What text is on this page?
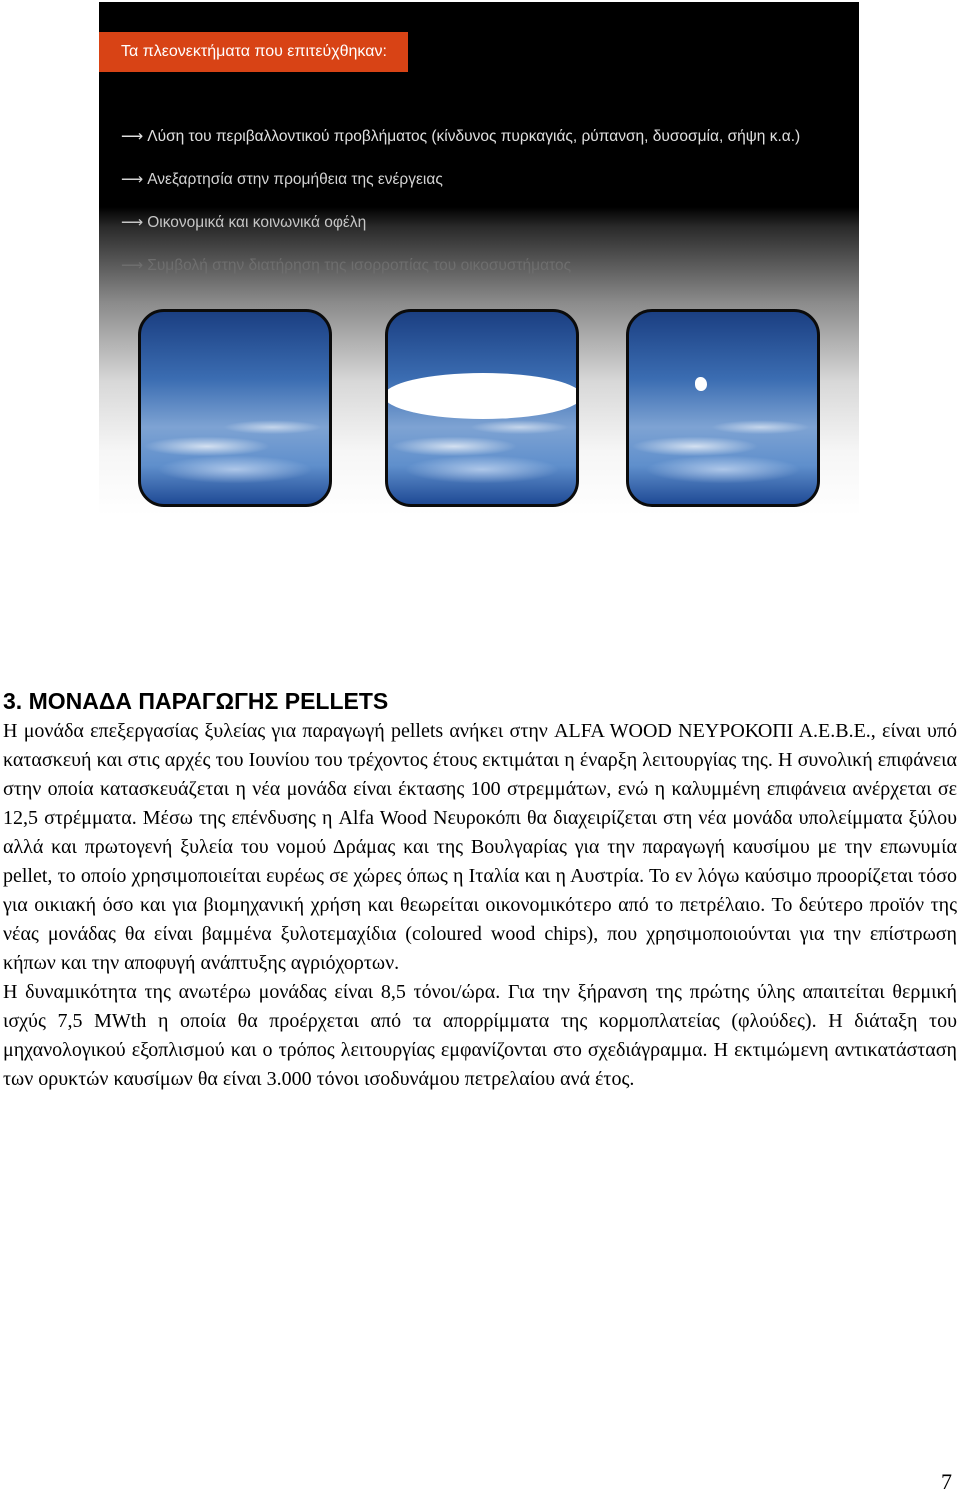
Τα πλεονεκτήματα που επιτεύχθηκαν:
⟶ Λύση του περιβαλλοντικού προβλήματος (κίνδυνος πυρκαγιάς, ρύπανση, δυσοσμία, σήψη κ.α.)
⟶ Ανεξαρτησία στην προμήθεια της ενέργειας
⟶ Οικονομικά και κοινωνικά οφέλη
⟶ Συμβολή στην διατήρηση της ισορροπίας του οικοσυστήματος
3. ΜΟΝΑΔΑ ΠΑΡΑΓΩΓΗΣ PELLETS

Η μονάδα επεξεργασίας ξυλείας για παραγωγή pellets ανήκει στην ALFA WOOD ΝΕΥΡΟΚΟΠΙ Α.Ε.Β.Ε., είναι υπό κατασκευή και στις αρχές του Ιουνίου του τρέχοντος έτους εκτιμάται η έναρξη λειτουργίας της. Η συνολική επιφάνεια στην οποία κατασκευάζεται η νέα μονάδα είναι έκτασης 100 στρεμμάτων, ενώ η καλυμμένη επιφάνεια ανέρχεται σε 12,5 στρέμματα. Μέσω της επένδυσης η Alfa Wood Νευροκόπι θα διαχειρίζεται στη νέα μονάδα υπολείμματα ξύλου αλλά και πρωτογενή ξυλεία του νομού Δράμας και της Βουλγαρίας για την παραγωγή καυσίμου με την επωνυμία pellet, το οποίο χρησιμοποιείται ευρέως σε χώρες όπως η Ιταλία και η Αυστρία. Το εν λόγω καύσιμο προορίζεται τόσο για οικιακή όσο και για βιομηχανική χρήση και θεωρείται οικονομικότερο από το πετρέλαιο. Το δεύτερο προϊόν της νέας μονάδας θα είναι βαμμένα ξυλοτεμαχίδια (coloured wood chips), που χρησιμοποιούνται για την επίστρωση κήπων και την αποφυγή ανάπτυξης αγριόχορτων.

Η δυναμικότητα της ανωτέρω μονάδας είναι 8,5 τόνοι/ώρα. Για την ξήρανση της πρώτης ύλης απαιτείται θερμική ισχύς 7,5 MWth η οποία θα προέρχεται από τα απορρίμματα της κορμοπλατείας (φλούδες). Η διάταξη του μηχανολογικού εξοπλισμού και ο τρόπος λειτουργίας εμφανίζονται στο σχεδιάγραμμα. Η εκτιμώμενη αντικατάσταση των ορυκτών καυσίμων θα είναι 3.000 τόνοι ισοδυνάμου πετρελαίου ανά έτος.

7
